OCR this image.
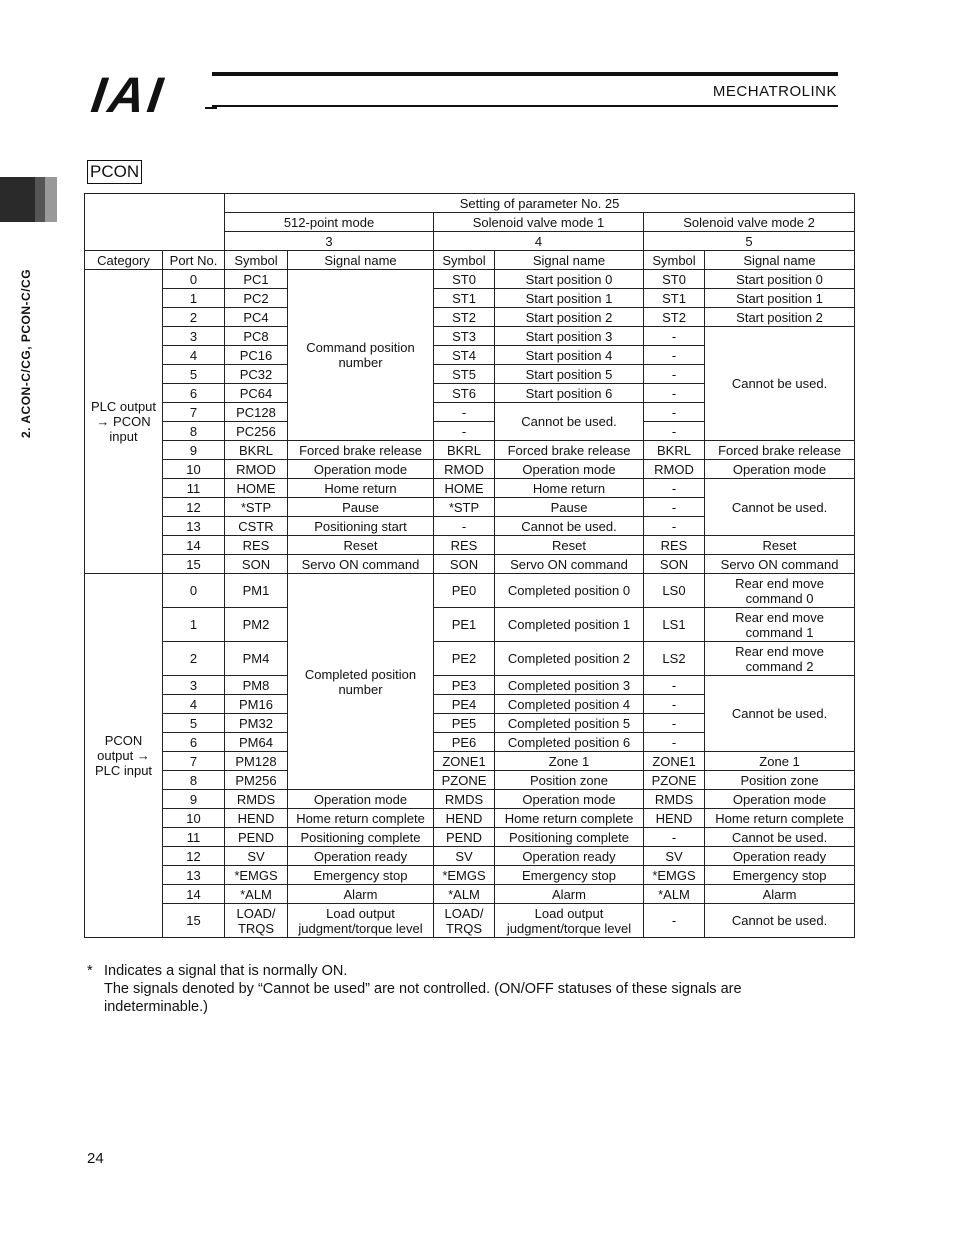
IAI	MECHATROLINK
2. ACON-C/CG, PCON-C/CG
PCON
		Setting of parameter No. 25					
		512-point mode		Solenoid valve mode 1		Solenoid valve mode 2	
		3		4		5	
Category	Port No.	Symbol	Signal name	Symbol	Signal name	Symbol	Signal name
PLC output → PCON input	0	PC1	Command position number	ST0	Start position 0	ST0	Start position 0
	1	PC2		ST1	Start position 1	ST1	Start position 1
	2	PC4		ST2	Start position 2	ST2	Start position 2
	3	PC8		ST3	Start position 3	-	Cannot be used.
	4	PC16		ST4	Start position 4	-	
	5	PC32		ST5	Start position 5	-	
	6	PC64		ST6	Start position 6	-	
	7	PC128		-	Cannot be used.	-	
	8	PC256		-		-	
	9	BKRL	Forced brake release	BKRL	Forced brake release	BKRL	Forced brake release
	10	RMOD	Operation mode	RMOD	Operation mode	RMOD	Operation mode
	11	HOME	Home return	HOME	Home return	-	Cannot be used.
	12	*STP	Pause	*STP	Pause	-	
	13	CSTR	Positioning start	-	Cannot be used.	-	
	14	RES	Reset	RES	Reset	RES	Reset
	15	SON	Servo ON command	SON	Servo ON command	SON	Servo ON command
PCON output → PLC input	0	PM1	Completed position number	PE0	Completed position 0	LS0	Rear end move command 0
	1	PM2		PE1	Completed position 1	LS1	Rear end move command 1
	2	PM4		PE2	Completed position 2	LS2	Rear end move command 2
	3	PM8		PE3	Completed position 3	-	Cannot be used.
	4	PM16		PE4	Completed position 4	-	
	5	PM32		PE5	Completed position 5	-	
	6	PM64		PE6	Completed position 6	-	
	7	PM128		ZONE1	Zone 1	ZONE1	Zone 1
	8	PM256		PZONE	Position zone	PZONE	Position zone
	9	RMDS	Operation mode	RMDS	Operation mode	RMDS	Operation mode
	10	HEND	Home return complete	HEND	Home return complete	HEND	Home return complete
	11	PEND	Positioning complete	PEND	Positioning complete	-	Cannot be used.
	12	SV	Operation ready	SV	Operation ready	SV	Operation ready
	13	*EMGS	Emergency stop	*EMGS	Emergency stop	*EMGS	Emergency stop
	14	*ALM	Alarm	*ALM	Alarm	*ALM	Alarm
	15	LOAD/ TRQS	Load output judgment/torque level	LOAD/ TRQS	Load output judgment/torque level	-	Cannot be used.
* Indicates a signal that is normally ON.
The signals denoted by “Cannot be used” are not controlled. (ON/OFF statuses of these signals are indeterminable.)
24
